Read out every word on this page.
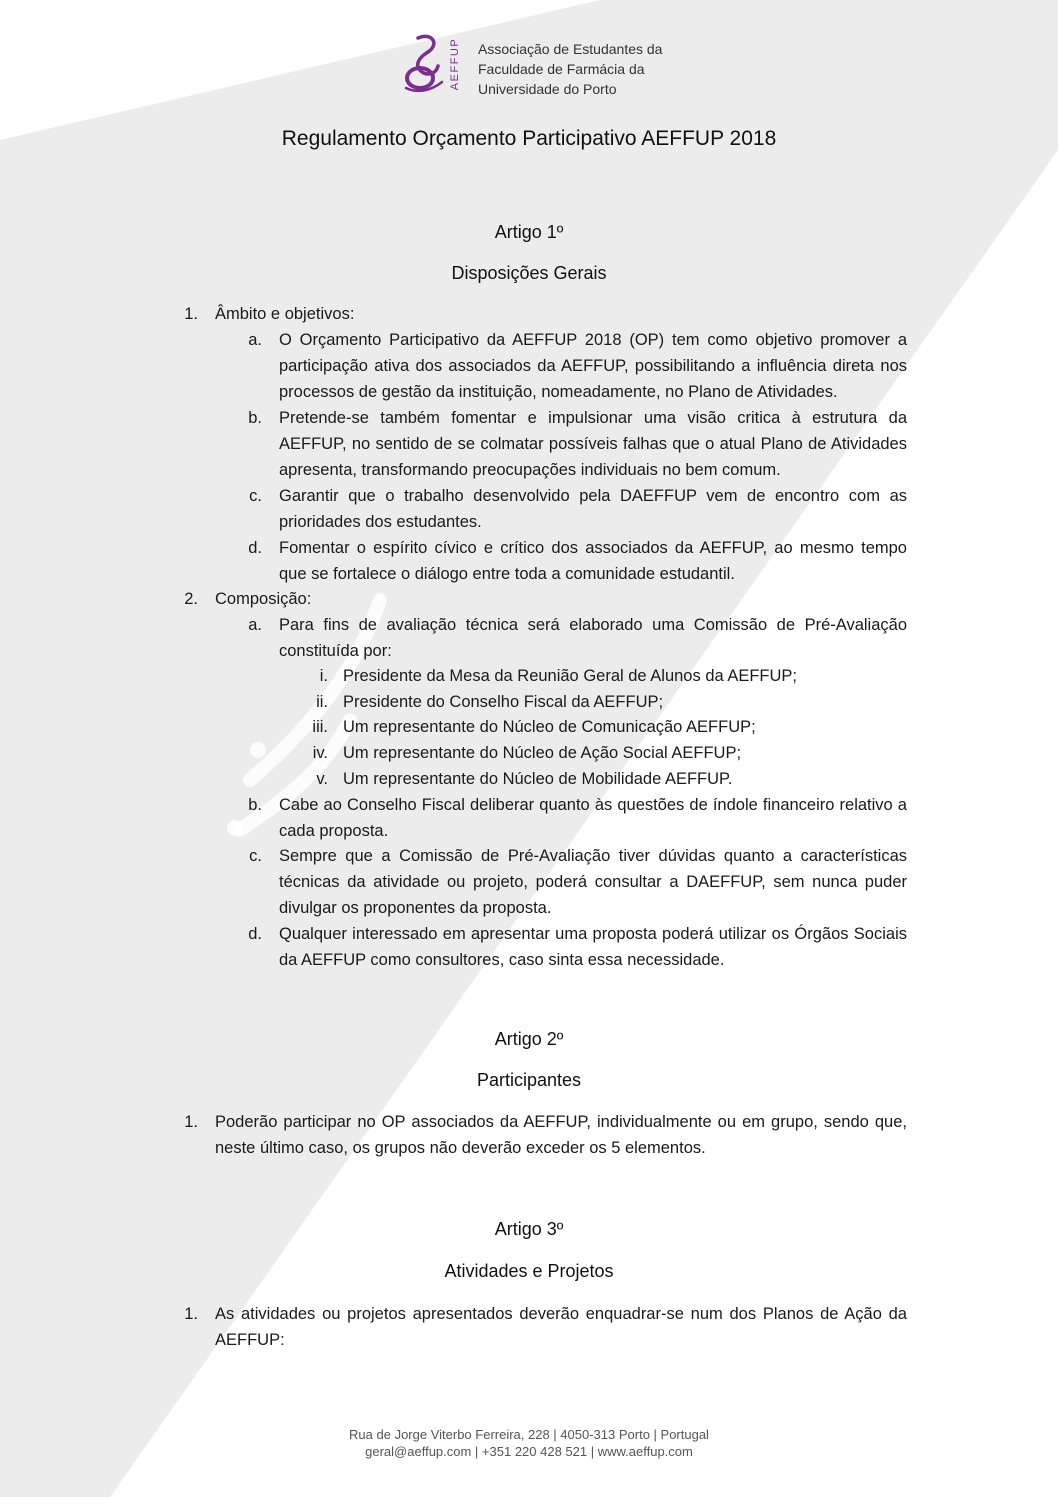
AEFFUP Associação de Estudantes da
Faculdade de Farmácia da
Universidade do Porto
Regulamento Orçamento Participativo AEFFUP 2018
Artigo 1º
Disposições Gerais
1. Âmbito e objetivos:
a. O Orçamento Participativo da AEFFUP 2018 (OP) tem como objetivo promover a participação ativa dos associados da AEFFUP, possibilitando a influência direta nos processos de gestão da instituição, nomeadamente, no Plano de Atividades.
b. Pretende-se também fomentar e impulsionar uma visão critica à estrutura da AEFFUP, no sentido de se colmatar possíveis falhas que o atual Plano de Atividades apresenta, transformando preocupações individuais no bem comum.
c. Garantir que o trabalho desenvolvido pela DAEFFUP vem de encontro com as prioridades dos estudantes.
d. Fomentar o espírito cívico e crítico dos associados da AEFFUP, ao mesmo tempo que se fortalece o diálogo entre toda a comunidade estudantil.
2. Composição:
a. Para fins de avaliação técnica será elaborado uma Comissão de Pré-Avaliação constituída por:
i. Presidente da Mesa da Reunião Geral de Alunos da AEFFUP;
ii. Presidente do Conselho Fiscal da AEFFUP;
iii. Um representante do Núcleo de Comunicação AEFFUP;
iv. Um representante do Núcleo de Ação Social AEFFUP;
v. Um representante do Núcleo de Mobilidade AEFFUP.
b. Cabe ao Conselho Fiscal deliberar quanto às questões de índole financeiro relativo a cada proposta.
c. Sempre que a Comissão de Pré-Avaliação tiver dúvidas quanto a características técnicas da atividade ou projeto, poderá consultar a DAEFFUP, sem nunca puder divulgar os proponentes da proposta.
d. Qualquer interessado em apresentar uma proposta poderá utilizar os Órgãos Sociais da AEFFUP como consultores, caso sinta essa necessidade.
Artigo 2º
Participantes
1. Poderão participar no OP associados da AEFFUP, individualmente ou em grupo, sendo que, neste último caso, os grupos não deverão exceder os 5 elementos.
Artigo 3º
Atividades e Projetos
1. As atividades ou projetos apresentados deverão enquadrar-se num dos Planos de Ação da AEFFUP:
Rua de Jorge Viterbo Ferreira, 228 | 4050-313 Porto | Portugal
geral@aeffup.com | +351 220 428 521 | www.aeffup.com
